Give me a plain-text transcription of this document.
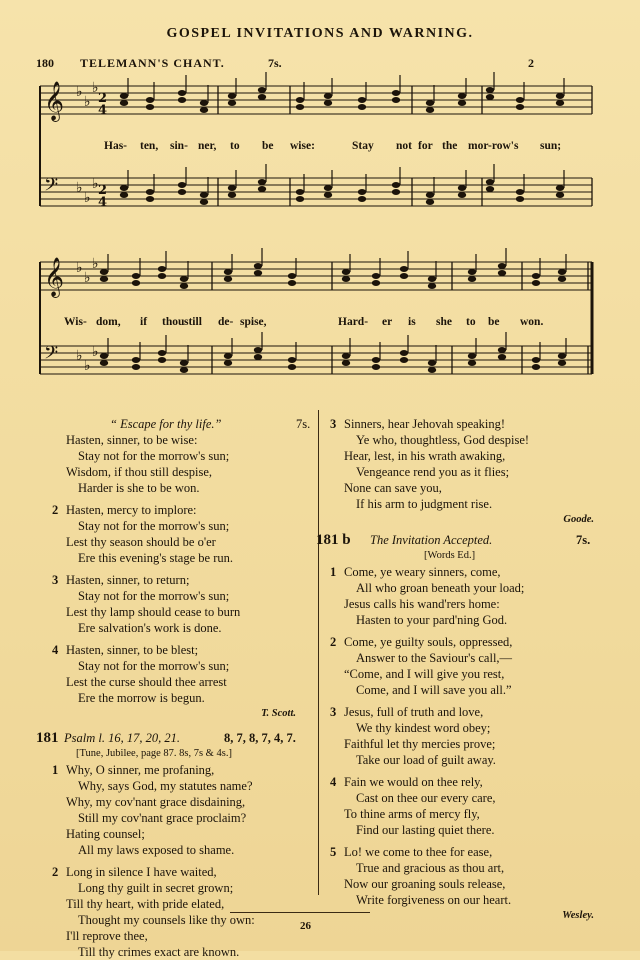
GOSPEL INVITATIONS AND WARNING.
180 TELEMANN'S CHANT.	7s.	2
𝄞 ♭
♭
♭
𝄢 ♭
♭
♭
2
4
2
4
𝄞 ♭
♭
♭
𝄢 ♭
♭
♭
Has- ten, sin- ner, to be wise:	Stay not for the mor-row's sun;
Wis- dom, if thou still de- spise,	Hard- er is she to be won.
“ Escape for thy life.”	7s.
Hasten, sinner, to be wise:
Stay not for the morrow's sun;
Wisdom, if thou still despise,
Harder is she to be won.
2 Hasten, mercy to implore:
Stay not for the morrow's sun;
Lest thy season should be o'er
Ere this evening's stage be run.
3 Hasten, sinner, to return;
Stay not for the morrow's sun;
Lest thy lamp should cease to burn
Ere salvation's work is done.
4 Hasten, sinner, to be blest;
Stay not for the morrow's sun;
Lest the curse should thee arrest
Ere the morrow is begun.
T. Scott.
181 Psalm l. 16, 17, 20, 21.	8, 7, 8, 7, 4, 7.
[Tune, Jubilee, page 87. 8s, 7s & 4s.]
1 Why, O sinner, me profaning,
Why, says God, my statutes name?
Why, my cov'nant grace disdaining,
Still my cov'nant grace proclaim?
Hating counsel;
All my laws exposed to shame.
2 Long in silence I have waited,
Long thy guilt in secret grown;
Till thy heart, with pride elated,
Thought my counsels like thy own:
I'll reprove thee,
Till thy crimes exact are known.
3 Sinners, hear Jehovah speaking!
Ye who, thoughtless, God despise!
Hear, lest, in his wrath awaking,
Vengeance rend you as it flies;
None can save you,
If his arm to judgment rise.
Goode.
181 b The Invitation Accepted.	7s.
[Words Ed.]
1 Come, ye weary sinners, come,
All who groan beneath your load;
Jesus calls his wand'rers home:
Hasten to your pard'ning God.
2 Come, ye guilty souls, oppressed,
Answer to the Saviour's call,—
“Come, and I will give you rest,
Come, and I will save you all.”
3 Jesus, full of truth and love,
We thy kindest word obey;
Faithful let thy mercies prove;
Take our load of guilt away.
4 Fain we would on thee rely,
Cast on thee our every care,
To thine arms of mercy fly,
Find our lasting quiet there.
5 Lo! we come to thee for ease,
True and gracious as thou art,
Now our groaning souls release,
Write forgiveness on our heart.
Wesley.
26
